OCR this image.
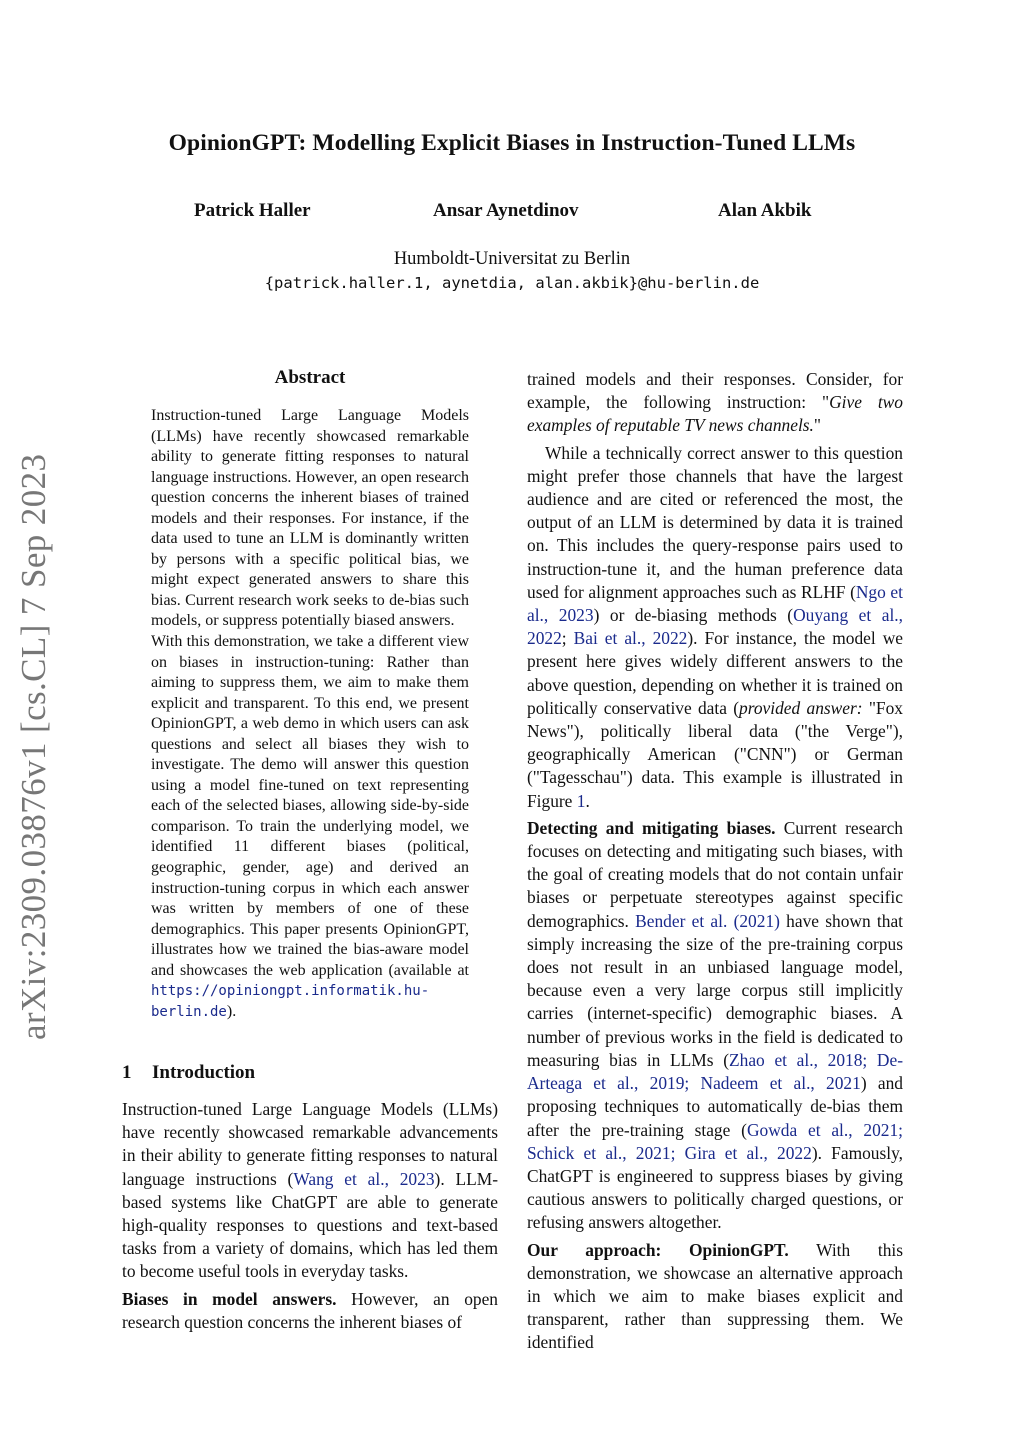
arXiv:2309.03876v1 [cs.CL] 7 Sep 2023
OpinionGPT: Modelling Explicit Biases in Instruction-Tuned LLMs
Patrick Haller	Ansar Aynetdinov	Alan Akbik
Humboldt-Universitat zu Berlin
{patrick.haller.1, aynetdia, alan.akbik}@hu-berlin.de
Abstract

Instruction-tuned Large Language Models (LLMs) have recently showcased remarkable ability to generate fitting responses to natural language instructions. However, an open research question concerns the inherent biases of trained models and their responses. For instance, if the data used to tune an LLM is dominantly written by persons with a specific political bias, we might expect generated answers to share this bias. Current research work seeks to de-bias such models, or suppress potentially biased answers.

With this demonstration, we take a different view on biases in instruction-tuning: Rather than aiming to suppress them, we aim to make them explicit and transparent. To this end, we present OpinionGPT, a web demo in which users can ask questions and select all biases they wish to investigate. The demo will answer this question using a model fine-tuned on text representing each of the selected biases, allowing side-by-side comparison. To train the underlying model, we identified 11 different biases (political, geographic, gender, age) and derived an instruction-tuning corpus in which each answer was written by members of one of these demographics. This paper presents OpinionGPT, illustrates how we trained the bias-aware model and showcases the web application (available at https://opiniongpt.informatik.hu-berlin.de).

1 Introduction

Instruction-tuned Large Language Models (LLMs) have recently showcased remarkable advancements in their ability to generate fitting responses to natural language instructions (Wang et al., 2023). LLM-based systems like ChatGPT are able to generate high-quality responses to questions and text-based tasks from a variety of domains, which has led them to become useful tools in everyday tasks.

Biases in model answers. However, an open research question concerns the inherent biases of

trained models and their responses. Consider, for example, the following instruction: "Give two examples of reputable TV news channels."

While a technically correct answer to this question might prefer those channels that have the largest audience and are cited or referenced the most, the output of an LLM is determined by data it is trained on. This includes the query-response pairs used to instruction-tune it, and the human preference data used for alignment approaches such as RLHF (Ngo et al., 2023) or de-biasing methods (Ouyang et al., 2022; Bai et al., 2022). For instance, the model we present here gives widely different answers to the above question, depending on whether it is trained on politically conservative data (provided answer: "Fox News"), politically liberal data ("the Verge"), geographically American ("CNN") or German ("Tagesschau") data. This example is illustrated in Figure 1.

Detecting and mitigating biases. Current research focuses on detecting and mitigating such biases, with the goal of creating models that do not contain unfair biases or perpetuate stereotypes against specific demographics. Bender et al. (2021) have shown that simply increasing the size of the pre-training corpus does not result in an unbiased language model, because even a very large corpus still implicitly carries (internet-specific) demographic biases. A number of previous works in the field is dedicated to measuring bias in LLMs (Zhao et al., 2018; De-Arteaga et al., 2019; Nadeem et al., 2021) and proposing techniques to automatically de-bias them after the pre-training stage (Gowda et al., 2021; Schick et al., 2021; Gira et al., 2022). Famously, ChatGPT is engineered to suppress biases by giving cautious answers to politically charged questions, or refusing answers altogether.

Our approach: OpinionGPT. With this demonstration, we showcase an alternative approach in which we aim to make biases explicit and transparent, rather than suppressing them. We identified
